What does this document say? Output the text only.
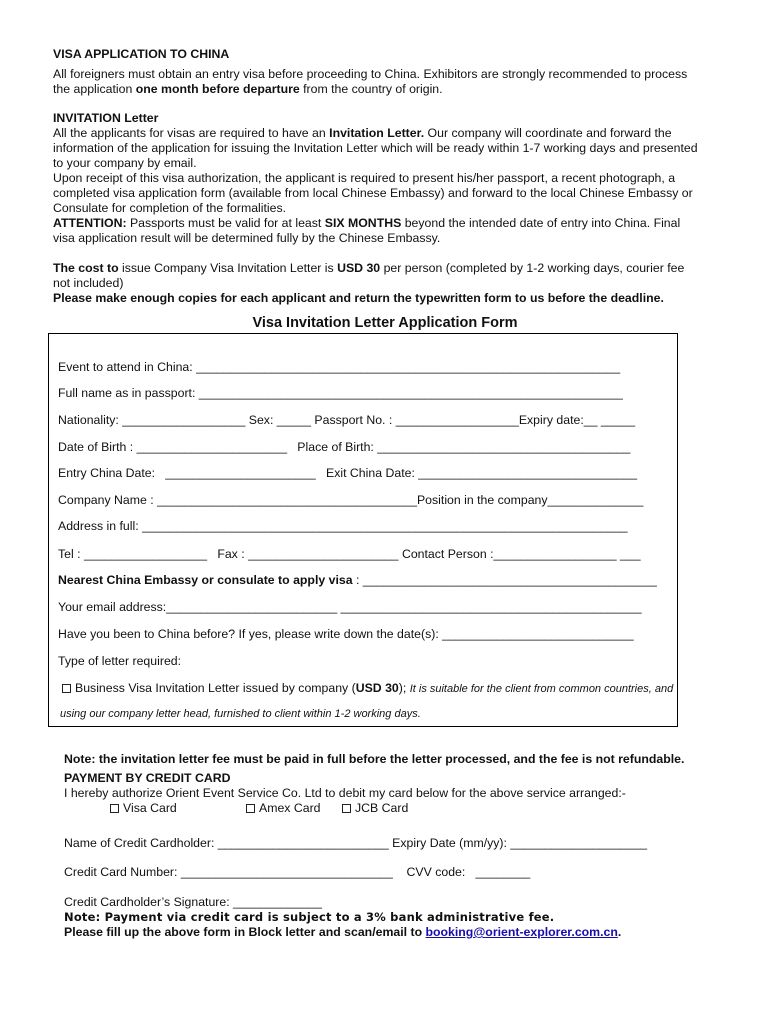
VISA APPLICATION TO CHINA

All foreigners must obtain an entry visa before proceeding to China. Exhibitors are strongly recommended to process

the application one month before departure from the country of origin.

INVITATION Letter

All the applicants for visas are required to have an Invitation Letter. Our company will coordinate and forward the

information of the application for issuing the Invitation Letter which will be ready within 1-7 working days and presented

to your company by email.

Upon receipt of this visa authorization, the applicant is required to present his/her passport, a recent photograph, a

completed visa application form (available from local Chinese Embassy) and forward to the local Chinese Embassy or

Consulate for completion of the formalities.

ATTENTION: Passports must be valid for at least SIX MONTHS beyond the intended date of entry into China. Final

visa application result will be determined fully by the Chinese Embassy.

The cost to issue Company Visa Invitation Letter is USD 30 per person (completed by 1-2 working days, courier fee

not included)

Please make enough copies for each applicant and return the typewritten form to us before the deadline.

Visa Invitation Letter Application Form
Event to attend in China: ______________________________________________________________
Full name as in passport: ______________________________________________________________
Nationality: __________________ Sex: _____ Passport No. : __________________Expiry date:__ _____
Date of Birth : ______________________   Place of Birth: _____________________________________
Entry China Date:   ______________________   Exit China Date: ________________________________
Company Name : ______________________________________Position in the company______________
Address in full: _______________________________________________________________________
Tel : __________________   Fax : ______________________ Contact Person :__________________ ___
Nearest China Embassy or consulate to apply visa : ___________________________________________
Your email address:_________________________ ____________________________________________
Have you been to China before? If yes, please write down the date(s): ____________________________
Type of letter required:
Business Visa Invitation Letter issued by company (USD 30); It is suitable for the client from common countries, and
using our company letter head, furnished to client within 1-2 working days.
Note: the invitation letter fee must be paid in full before the letter processed, and the fee is not refundable.
PAYMENT BY CREDIT CARD
I hereby authorize Orient Event Service Co. Ltd to debit my card below for the above service arranged:-
Visa Card	Amex Card	JCB Card
Name of Credit Cardholder: _________________________ Expiry Date (mm/yy): ____________________
Credit Card Number: _______________________________    CVV code:   ________
Credit Cardholder’s Signature: _____________
Note: Payment via credit card is subject to a 3% bank administrative fee.
Please fill up the above form in Block letter and scan/email to booking@orient-explorer.com.cn.
